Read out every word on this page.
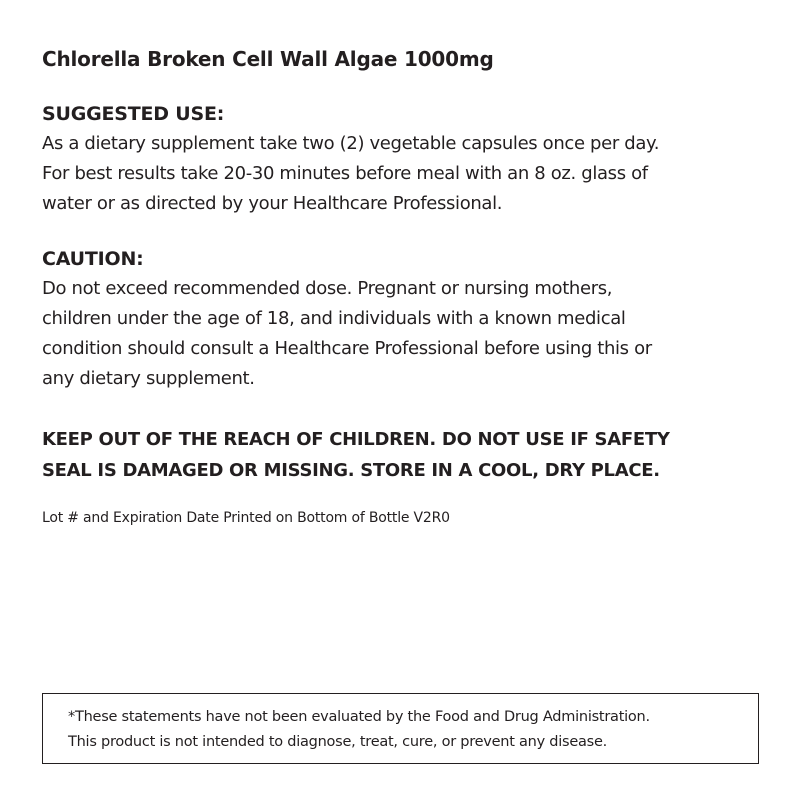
Chlorella Broken Cell Wall Algae 1000mg
SUGGESTED USE:
As a dietary supplement take two (2) vegetable capsules once per day.
For best results take 20-30 minutes before meal with an 8 oz. glass of
water or as directed by your Healthcare Professional.
CAUTION:
Do not exceed recommended dose. Pregnant or nursing mothers,
children under the age of 18, and individuals with a known medical
condition should consult a Healthcare Professional before using this or
any dietary supplement.
KEEP OUT OF THE REACH OF CHILDREN. DO NOT USE IF SAFETY
SEAL IS DAMAGED OR MISSING. STORE IN A COOL, DRY PLACE.
Lot # and Expiration Date Printed on Bottom of Bottle V2R0
*These statements have not been evaluated by the Food and Drug Administration.
This product is not intended to diagnose, treat, cure, or prevent any disease.
